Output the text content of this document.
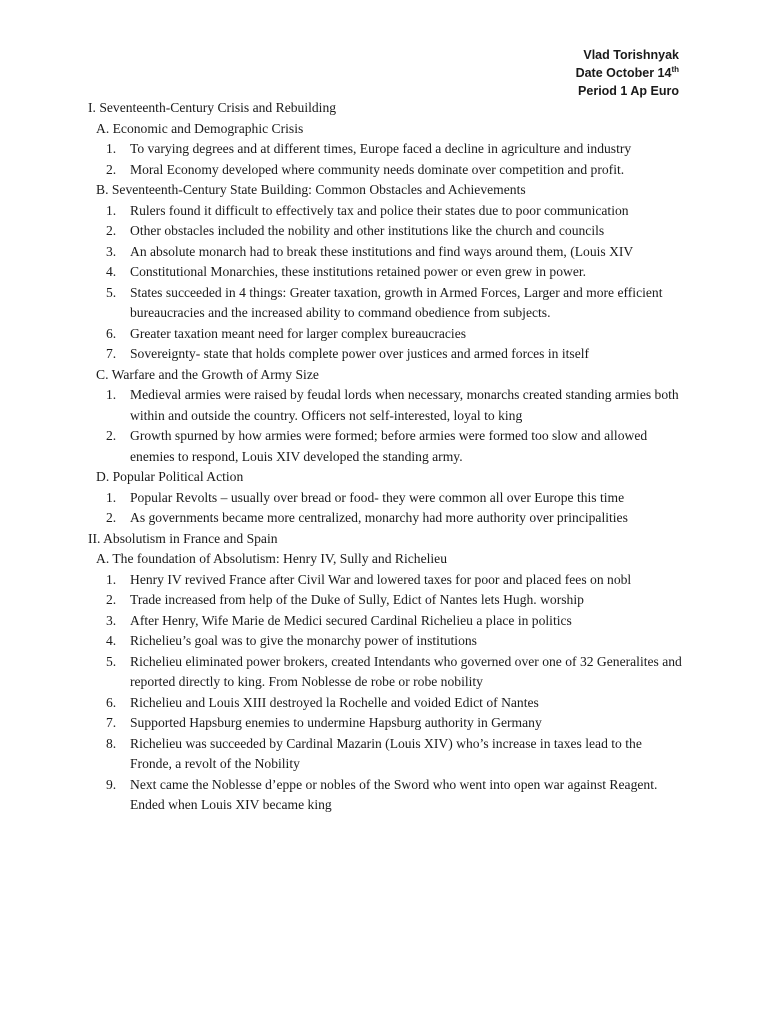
Vlad Torishnyak
Date October 14th
Period 1 Ap Euro
I. Seventeenth-Century Crisis and Rebuilding
A. Economic and Demographic Crisis
1.	To varying degrees and at different times, Europe faced a decline in agriculture and industry
2.	Moral Economy developed where community needs dominate over competition and profit.
B. Seventeenth-Century State Building: Common Obstacles and Achievements
1.	Rulers found it difficult to effectively tax and police their states due to poor communication
2.	Other obstacles included the nobility and other institutions like the church and councils
3.	An absolute monarch had to break these institutions and find ways around them, (Louis XIV
4.	Constitutional Monarchies, these institutions retained power or even grew in power.
5.	States succeeded in 4 things: Greater taxation, growth in Armed Forces, Larger and more efficient bureaucracies and the increased ability to command obedience from subjects.
6.	Greater taxation meant need for larger complex bureaucracies
7.	Sovereignty- state that holds complete power over justices and armed forces in itself
C. Warfare and the Growth of Army Size
1.	Medieval armies were raised by feudal lords when necessary, monarchs created standing armies both within and outside the country. Officers not self-interested, loyal to king
2.	Growth spurned by how armies were formed; before armies were formed too slow and allowed enemies to respond, Louis XIV developed the standing army.
D. Popular Political Action
1.	Popular Revolts – usually over bread or food- they were common all over Europe this time
2.	As governments became more centralized, monarchy had more authority over principalities
II. Absolutism in France and Spain
A. The foundation of Absolutism: Henry IV, Sully and Richelieu
1.	Henry IV revived France after Civil War and lowered taxes for poor and placed fees on nobl
2.	Trade increased from help of the Duke of Sully, Edict of Nantes lets Hugh. worship
3.	After Henry, Wife Marie de Medici secured Cardinal Richelieu a place in politics
4.	Richelieu’s goal was to give the monarchy power of institutions
5.	Richelieu eliminated power brokers, created Intendants who governed over one of 32 Generalites and reported directly to king. From Noblesse de robe or robe nobility
6.	Richelieu and Louis XIII destroyed la Rochelle and voided Edict of Nantes
7.	Supported Hapsburg enemies to undermine Hapsburg authority in Germany
8.	Richelieu was succeeded by Cardinal Mazarin (Louis XIV) who’s increase in taxes lead to the Fronde, a revolt of the Nobility
9.	Next came the Noblesse d’eppe or nobles of the Sword who went into open war against Reagent. Ended when Louis XIV became king
